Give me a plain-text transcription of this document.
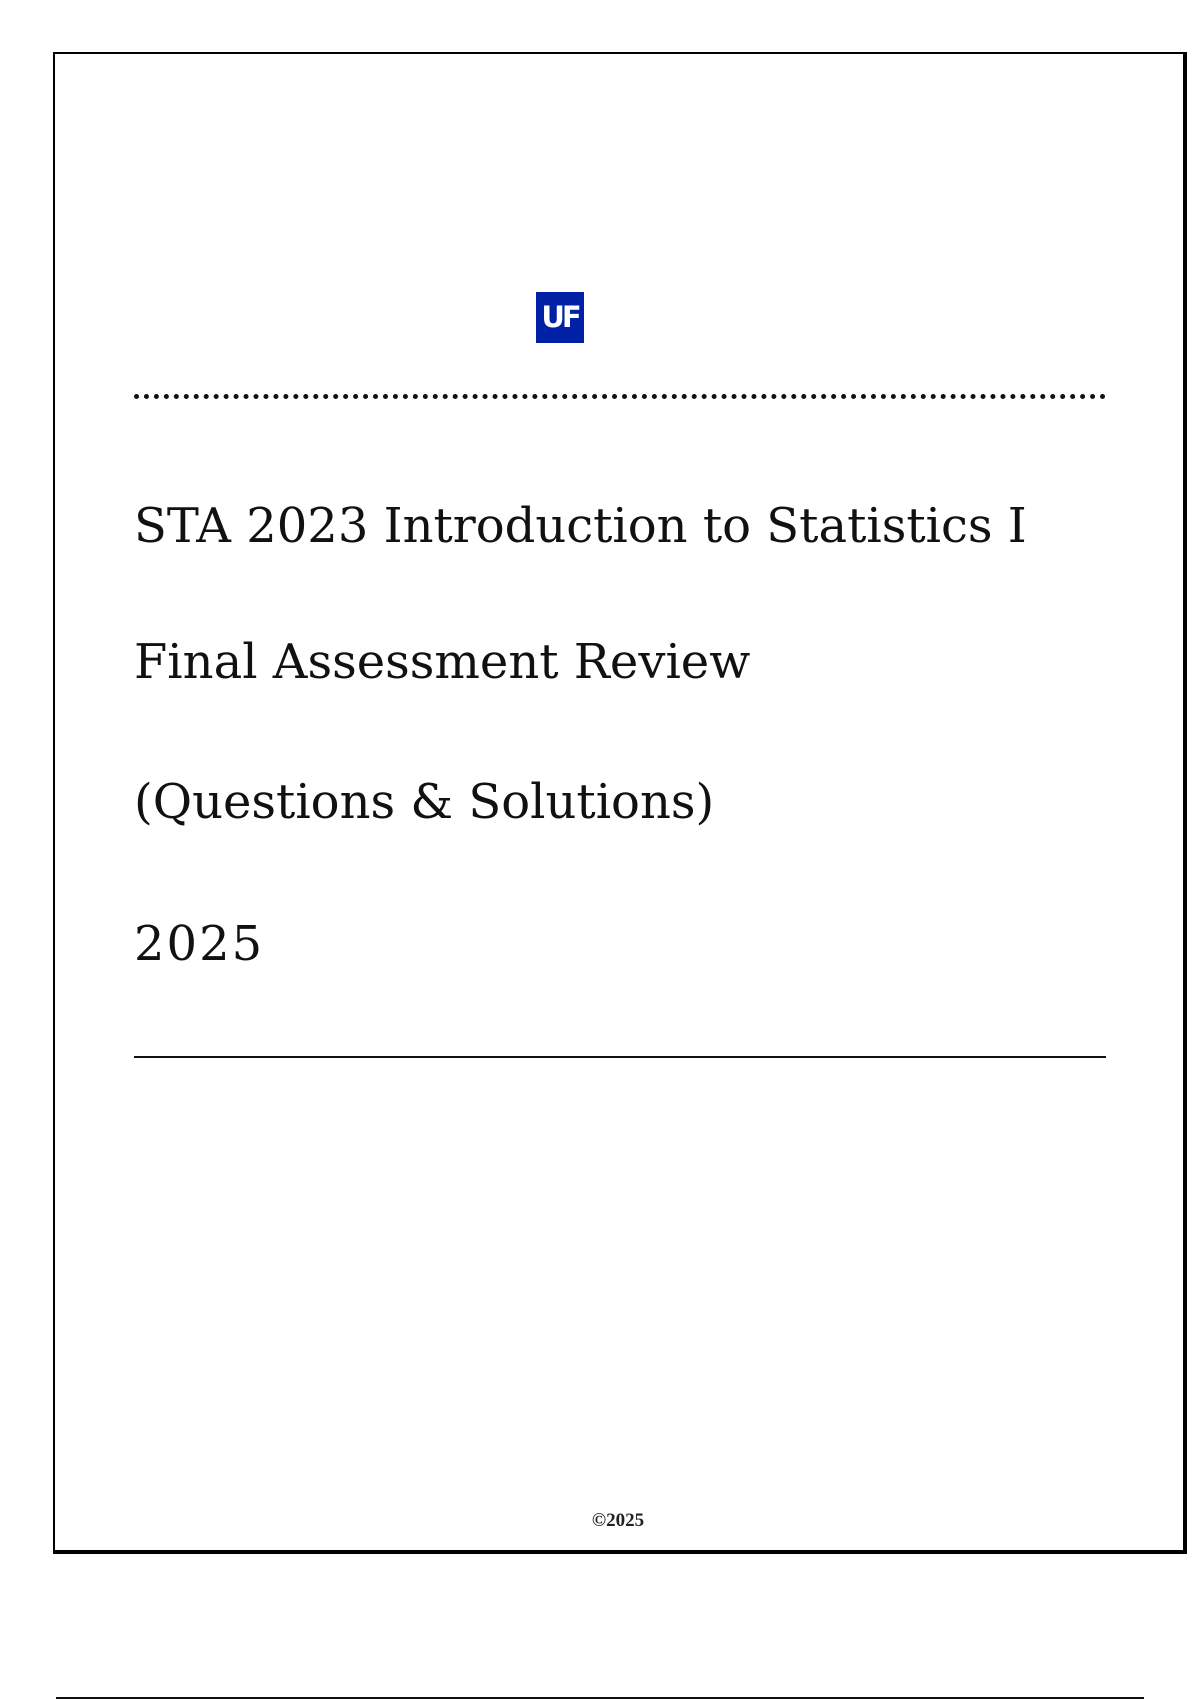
UF
STA 2023 Introduction to Statistics I
Final Assessment Review
(Questions & Solutions)
2025
©2025
